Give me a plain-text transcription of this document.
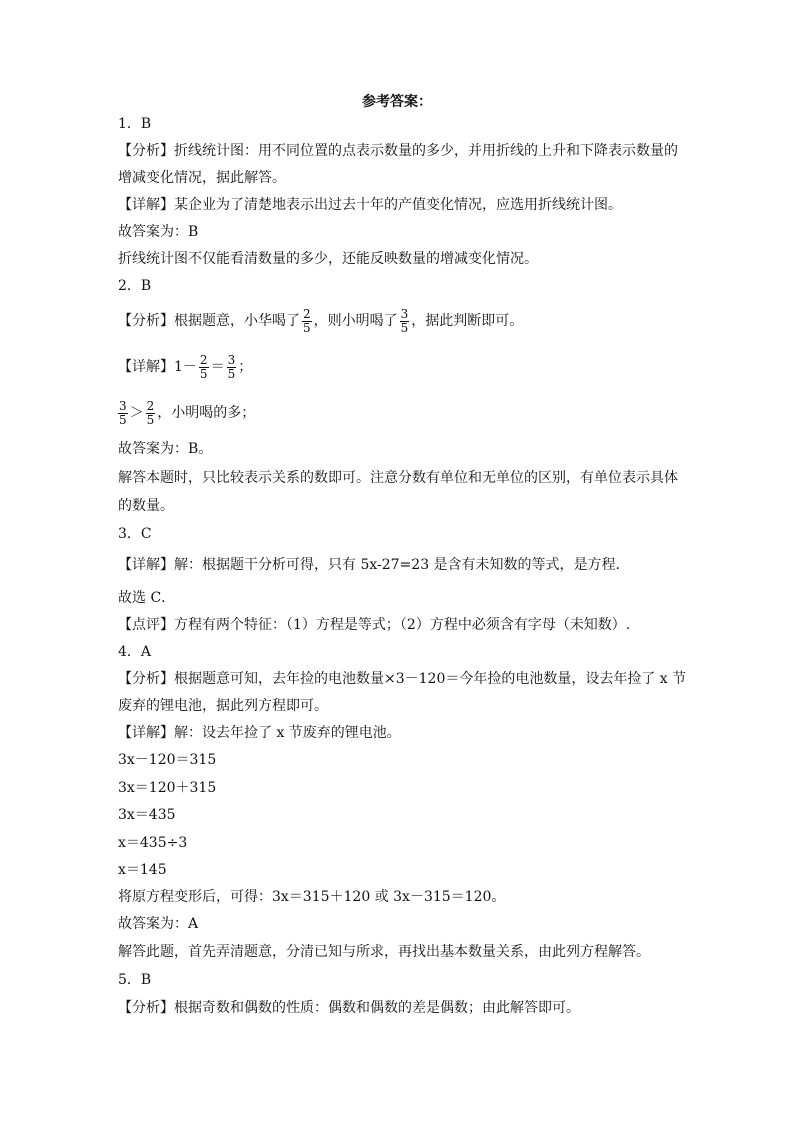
参考答案：
1．B
【分析】折线统计图：用不同位置的点表示数量的多少，并用折线的上升和下降表示数量的
增减变化情况，据此解答。
【详解】某企业为了清楚地表示出过去十年的产值变化情况，应选用折线统计图。
故答案为：B
折线统计图不仅能看清数量的多少，还能反映数量的增减变化情况。
2．B
【分析】根据题意，小华喝了 $\frac{2}{5}$ ，则小明喝了 $\frac{3}{5}$ ，据此判断即可。
【详解】$1- \frac{2}{5} = \frac{3}{5}$ ；
$\frac{3}{5} > \frac{2}{5}$ ，小明喝的多；
故答案为：B。
解答本题时，只比较表示关系的数即可。注意分数有单位和无单位的区别，有单位表示具体
的数量。
3．C
【详解】解：根据题干分析可得，只有 5x-27=23 是含有未知数的等式，是方程．
故选 C．
【点评】方程有两个特征：（1）方程是等式；（2）方程中必须含有字母（未知数）.
4．A
【分析】根据题意可知，去年捡的电池数量×3－120＝今年捡的电池数量，设去年捡了 x 节
废弃的锂电池，据此列方程即可。
【详解】解：设去年捡了 x 节废弃的锂电池。
3x－120＝315
3x＝120＋315
3x＝435
x＝435÷3
x＝145
将原方程变形后，可得：3x＝315＋120 或 3x－315＝120。
故答案为：A
解答此题，首先弄清题意，分清已知与所求，再找出基本数量关系，由此列方程解答。
5．B
【分析】根据奇数和偶数的性质：偶数和偶数的差是偶数；由此解答即可。
